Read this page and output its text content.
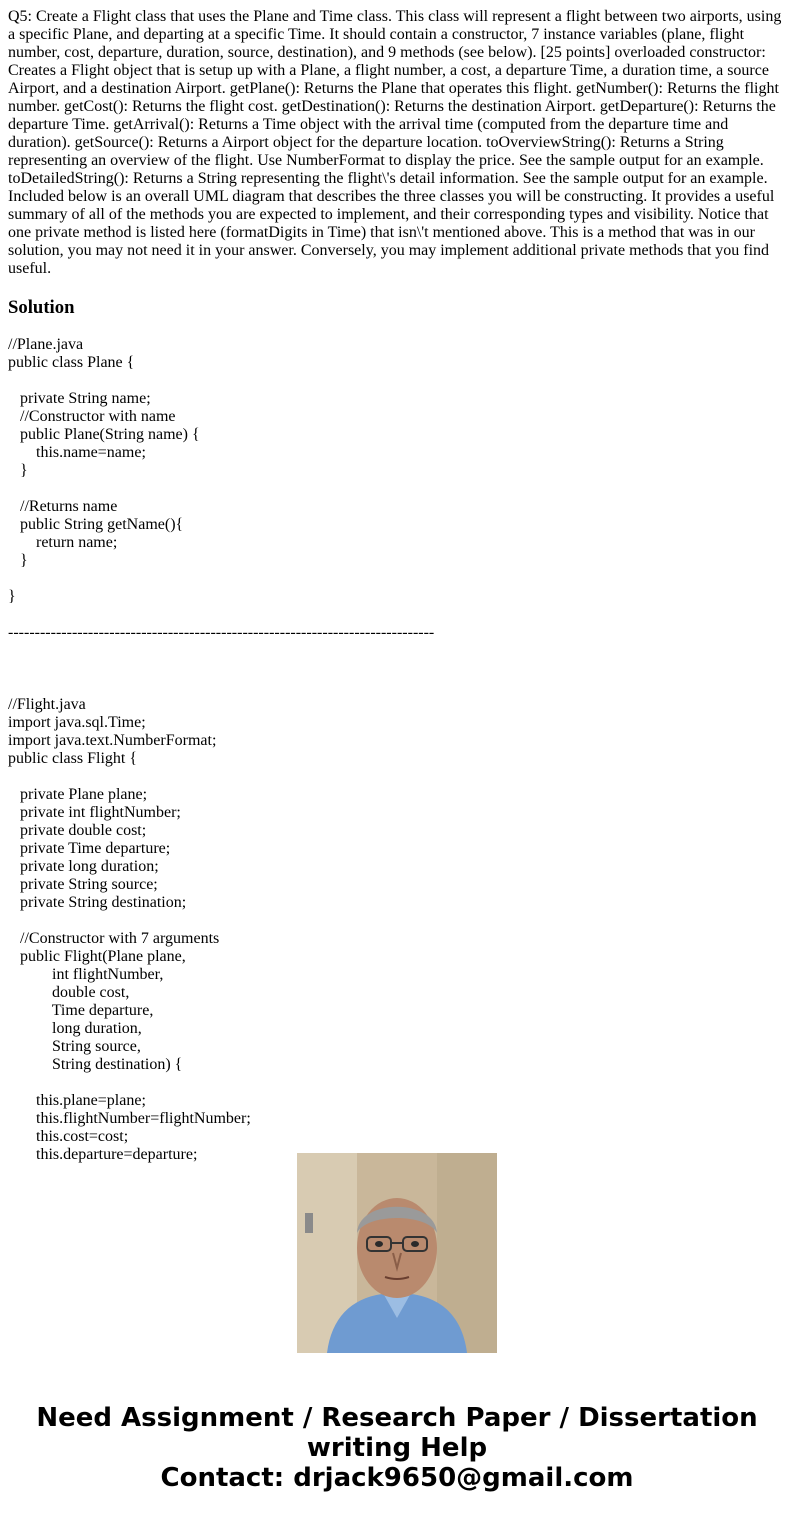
Q5: Create a Flight class that uses the Plane and Time class. This class will represent a flight between two airports, using a specific Plane, and departing at a specific Time. It should contain a constructor, 7 instance variables (plane, flight number, cost, departure, duration, source, destination), and 9 methods (see below). [25 points] overloaded constructor: Creates a Flight object that is setup up with a Plane, a flight number, a cost, a departure Time, a duration time, a source Airport, and a destination Airport. getPlane(): Returns the Plane that operates this flight. getNumber(): Returns the flight number. getCost(): Returns the flight cost. getDestination(): Returns the destination Airport. getDeparture(): Returns the departure Time. getArrival(): Returns a Time object with the arrival time (computed from the departure time and duration). getSource(): Returns a Airport object for the departure location. toOverviewString(): Returns a String representing an overview of the flight. Use NumberFormat to display the price. See the sample output for an example. toDetailedString(): Returns a String representing the flight\'s detail information. See the sample output for an example. Included below is an overall UML diagram that describes the three classes you will be constructing. It provides a useful summary of all of the methods you are expected to implement, and their corresponding types and visibility. Notice that one private method is listed here (formatDigits in Time) that isn\'t mentioned above. This is a method that was in our solution, you may not need it in your answer. Conversely, you may implement additional private methods that you find useful.

Solution
//Plane.java
public class Plane {
private String name;
//Constructor with name
public Plane(String name) {
this.name=name;
}
//Returns name
public String getName(){
return name;
}
}
--------------------------------------------------------------------------------
//Flight.java
import java.sql.Time;
import java.text.NumberFormat;
public class Flight {
private Plane plane;
private int flightNumber;
private double cost;
private Time departure;
private long duration;
private String source;
private String destination;
//Constructor with 7 arguments
public Flight(Plane plane,
int flightNumber,
double cost,
Time departure,
long duration,
String source,
String destination) {
this.plane=plane;
this.flightNumber=flightNumber;
this.cost=cost;
this.departure=departure;
Need Assignment / Research Paper / Dissertation
writing Help
Contact: drjack9650@gmail.com
